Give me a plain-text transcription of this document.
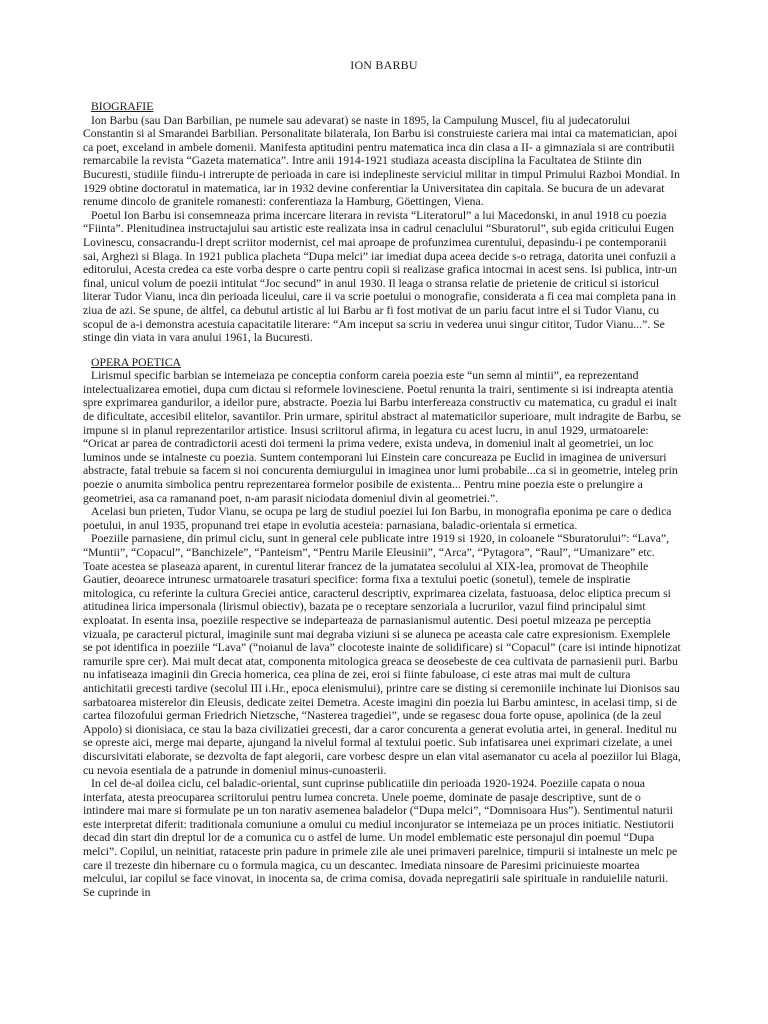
ION BARBU

BIOGRAFIE

Ion Barbu (sau Dan Barbilian, pe numele sau adevarat) se naste in 1895, la Campulung Muscel, fiu al judecatorului Constantin si al Smarandei Barbilian. Personalitate bilaterala, Ion Barbu isi construieste cariera mai intai ca matematician, apoi ca poet, exceland in ambele domenii. Manifesta aptitudini pentru matematica inca din clasa a II- a gimnaziala si are contributii remarcabile la revista “Gazeta matematica”. Intre anii 1914-1921 studiaza aceasta disciplina la Facultatea de Stiinte din Bucuresti, studiile fiindu-i intrerupte de perioada in care isi indeplineste serviciul militar in timpul Primului Razboi Mondial. In 1929 obtine doctoratul in matematica, iar in 1932 devine conferentiar la Universitatea din capitala. Se bucura de un adevarat renume dincolo de granitele romanesti: conferentiaza la Hamburg, Göettingen, Viena.

Poetul Ion Barbu isi consemneaza prima incercare literara in revista “Literatorul” a lui Macedonski, in anul 1918 cu poezia “Fiinta”. Plenitudinea instructajului sau artistic este realizata insa in cadrul cenaclului “Sburatorul”, sub egida criticului Eugen Lovinescu, consacrandu-l drept scriitor modernist, cel mai aproape de profunzimea curentului, depasindu-i pe contemporanii sai, Arghezi si Blaga. In 1921 publica placheta “Dupa melci” iar imediat dupa aceea decide s-o retraga, datorita unei confuzii a editorului, Acesta credea ca este vorba despre o carte pentru copii si realizase grafica intocmai in acest sens. Isi publica, intr-un final, unicul volum de poezii intitulat “Joc secund” in anul 1930. Il leaga o stransa relatie de prietenie de criticul si istoricul literar Tudor Vianu, inca din perioada liceului, care ii va scrie poetului o monografie, considerata a fi cea mai completa pana in ziua de azi. Se spune, de altfel, ca debutul artistic al lui Barbu ar fi fost motivat de un pariu facut intre el si Tudor Vianu, cu scopul de a-i demonstra acestuia capacitatile literare: “Am inceput sa scriu in vederea unui singur cititor, Tudor Vianu...”. Se stinge din viata in vara anului 1961, la Bucuresti.

OPERA POETICA

Lirismul specific barbian se intemeiaza pe conceptia conform careia poezia este “un semn al mintii”, ea reprezentand intelectualizarea emotiei, dupa cum dictau si reformele lovinesciene. Poetul renunta la trairi, sentimente si isi indreapta atentia spre exprimarea gandurilor, a ideilor pure, abstracte. Poezia lui Barbu interfereaza constructiv cu matematica, cu gradul ei inalt de dificultate, accesibil elitelor, savantilor. Prin urmare, spiritul abstract al matematicilor superioare, mult indragite de Barbu, se impune si in planul reprezentarilor artistice. Insusi scriitorul afirma, in legatura cu acest lucru, in anul 1929, urmatoarele: “Oricat ar parea de contradictorii acesti doi termeni la prima vedere, exista undeva, in domeniul inalt al geometriei, un loc luminos unde se intalneste cu poezia. Suntem contemporani lui Einstein care concureaza pe Euclid in imaginea de universuri abstracte, fatal trebuie sa facem si noi concurenta demiurgului in imaginea unor lumi probabile...ca si in geometrie, inteleg prin poezie o anumita simbolica pentru reprezentarea formelor posibile de existenta... Pentru mine poezia este o prelungire a geometriei, asa ca ramanand poet, n-am parasit niciodata domeniul divin al geometriei.”.

Acelasi bun prieten, Tudor Vianu, se ocupa pe larg de studiul poeziei lui Ion Barbu, in monografia eponima pe care o dedica poetului, in anul 1935, propunand trei etape in evolutia acesteia: parnasiana, baladic-orientala si ermetica.

Poeziile parnasiene, din primul ciclu, sunt in general cele publicate intre 1919 si 1920, in coloanele “Sburatorului”: “Lava”, “Muntii”, “Copacul”, “Banchizele”, “Panteism”, “Pentru Marile Eleusinii”, “Arca”, “Pytagora”, “Raul”, “Umanizare” etc. Toate acestea se plaseaza aparent, in curentul literar francez de la jumatatea secolului al XIX-lea, promovat de Theophile Gautier, deoarece intrunesc urmatoarele trasaturi specifice: forma fixa a textului poetic (sonetul), temele de inspiratie mitologica, cu referinte la cultura Greciei antice, caracterul descriptiv, exprimarea cizelata, fastuoasa, deloc eliptica precum si atitudinea lirica impersonala (lirismul obiectiv), bazata pe o receptare senzoriala a lucrurilor, vazul fiind principalul simt exploatat. In esenta insa, poeziile respective se indeparteaza de parnasianismul autentic. Desi poetul mizeaza pe perceptia vizuala, pe caracterul pictural, imaginile sunt mai degraba viziuni si se aluneca pe aceasta cale catre expresionism. Exemplele se pot identifica in poeziile “Lava” (“noianul de lava” clocoteste inainte de solidificare) si “Copacul” (care isi intinde hipnotizat ramurile spre cer). Mai mult decat atat, componenta mitologica greaca se deosebeste de cea cultivata de parnasienii puri. Barbu nu infatiseaza imaginii din Grecia homerica, cea plina de zei, eroi si fiinte fabuloase, ci este atras mai mult de cultura antichitatii grecesti tardive (secolul III i.Hr., epoca elenismului), printre care se disting si ceremoniile inchinate lui Dionisos sau sarbatoarea misterelor din Eleusis, dedicate zeitei Demetra. Aceste imagini din poezia lui Barbu amintesc, in acelasi timp, si de cartea filozofului german Friedrich Nietzsche, “Nasterea tragediei”, unde se regasesc doua forte opuse, apolinica (de la zeul Appolo) si dionisiaca, ce stau la baza civilizatiei grecesti, dar a caror concurenta a generat evolutia artei, in general. Ineditul nu se opreste aici, merge mai departe, ajungand la nivelul formal al textului poetic. Sub infatisarea unei exprimari cizelate, a unei discursivitati elaborate, se dezvolta de fapt alegorii, care vorbesc despre un elan vital asemanator cu acela al poeziilor lui Blaga, cu nevoia esentiala de a patrunde in domeniul minus-cunoasterii.

In cel de-al doilea ciclu, cel baladic-oriental, sunt cuprinse publicatiile din perioada 1920-1924. Poeziile capata o noua interfata, atesta preocuparea scriitorului pentru lumea concreta. Unele poeme, dominate de pasaje descriptive, sunt de o intindere mai mare si formulate pe un ton narativ asemenea baladelor (“Dupa melci”, “Domnisoara Hus”). Sentimentul naturii este interpretat diferit: traditionala comuniune a omului cu mediul inconjurator se intemeiaza pe un proces initiatic. Nestiutorii decad din start din dreptul lor de a comunica cu o astfel de lume. Un model emblematic este personajul din poemul “Dupa melci”. Copilul, un neinitiat, rataceste prin padure in primele zile ale unei primaveri parelnice, timpurii si intalneste un melc pe care il trezeste din hibernare cu o formula magica, cu un descantec. Imediata ninsoare de Paresimi pricinuieste moartea melcului, iar copilul se face vinovat, in inocenta sa, de crima comisa, dovada nepregatirii sale spirituale in randuielile naturii. Se cuprinde in
